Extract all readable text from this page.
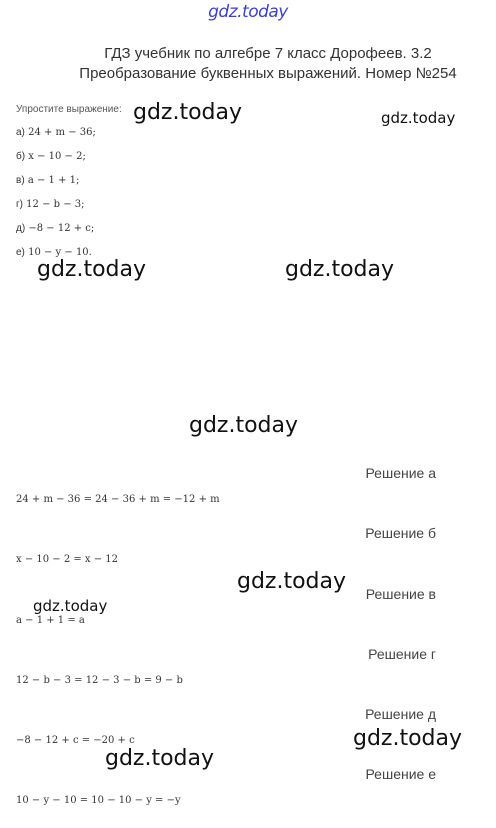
gdz.today
ГДЗ учебник по алгебре 7 класс Дорофеев. 3.2
Преобразование буквенных выражений. Номер №254
Упростите выражение:
а) 24 + m − 36;
б) x − 10 − 2;
в) a − 1 + 1;
г) 12 − b − 3;
д) −8 − 12 + c;
е) 10 − y − 10.
gdz.today	gdz.today
gdz.today	gdz.today
gdz.today
gdz.today
gdz.today
gdz.today
gdz.today
Решение а
24 + m − 36 = 24 − 36 + m = −12 + m
Решение б
x − 10 − 2 = x − 12
Решение в
a − 1 + 1 = a
Решение г
12 − b − 3 = 12 − 3 − b = 9 − b
Решение д
−8 − 12 + c = −20 + c
Решение е
10 − y − 10 = 10 − 10 − y = −y
